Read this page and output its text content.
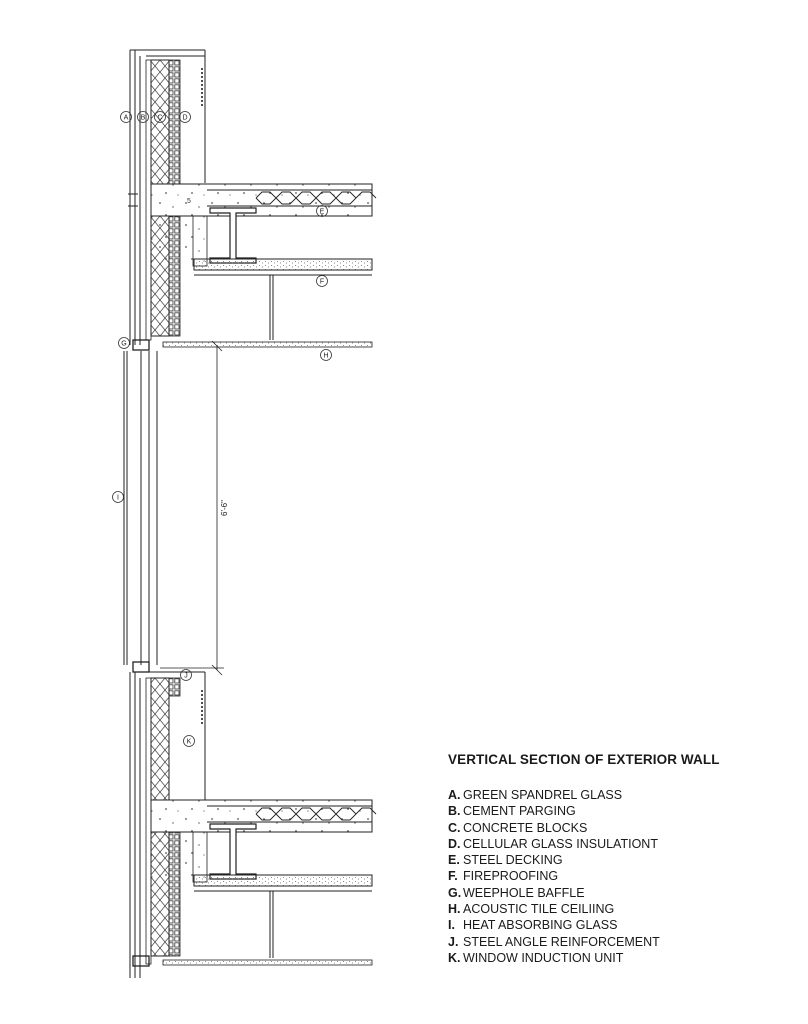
A B C	D
E
F
G
H
I
J
K
5
6'-6"
VERTICAL SECTION OF EXTERIOR WALL
A. GREEN SPANDREL GLASS
B. CEMENT PARGING
C. CONCRETE BLOCKS
D. CELLULAR GLASS INSULATIONT
E. STEEL DECKING
F. FIREPROOFING
G. WEEPHOLE BAFFLE
H. ACOUSTIC TILE CEILIING
I. HEAT ABSORBING GLASS
J. STEEL ANGLE REINFORCEMENT
K. WINDOW INDUCTION UNIT
